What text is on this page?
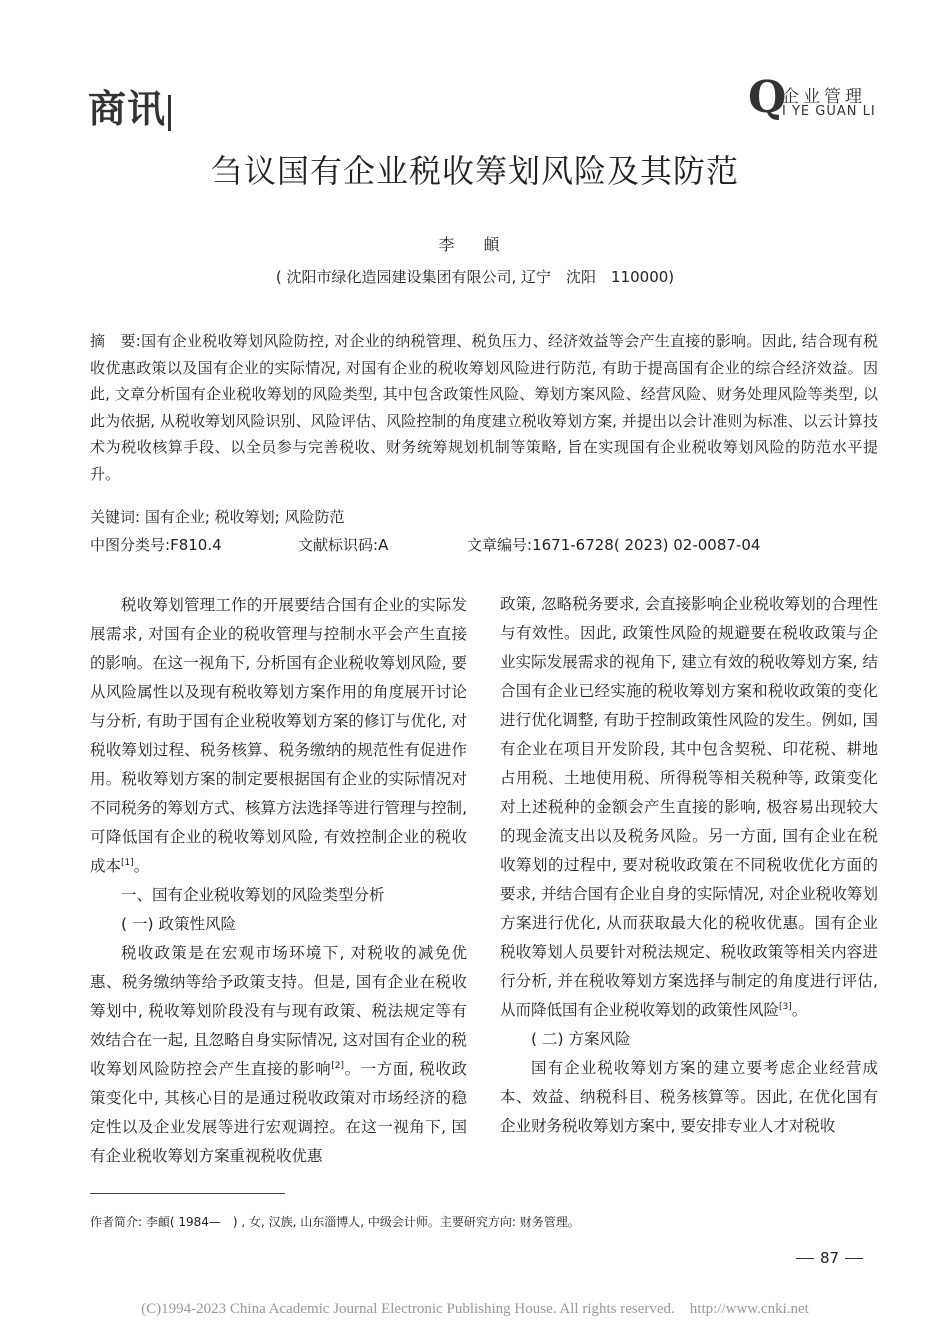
商讯	Q
企业管理
I YE GUAN LI
刍议国有企业税收筹划风险及其防范
李 頔
( 沈阳市绿化造园建设集团有限公司, 辽宁　沈阳　110000)
摘　要:国有企业税收筹划风险防控, 对企业的纳税管理、税负压力、经济效益等会产生直接的影响。因此, 结合现有税收优惠政策以及国有企业的实际情况, 对国有企业的税收筹划风险进行防范, 有助于提高国有企业的综合经济效益。因此, 文章分析国有企业税收筹划的风险类型, 其中包含政策性风险、筹划方案风险、经营风险、财务处理风险等类型, 以此为依据, 从税收筹划风险识别、风险评估、风险控制的角度建立税收筹划方案, 并提出以会计准则为标准、以云计算技术为税收核算手段、以全员参与完善税收、财务统筹规划机制等策略, 旨在实现国有企业税收筹划风险的防范水平提升。
关键词: 国有企业; 税收筹划; 风险防范
中图分类号:F810.4	文献标识码:A	文章编号:1671-6728( 2023) 02-0087-04

税收筹划管理工作的开展要结合国有企业的实际发展需求, 对国有企业的税收管理与控制水平会产生直接的影响。在这一视角下, 分析国有企业税收筹划风险, 要从风险属性以及现有税收筹划方案作用的角度展开讨论与分析, 有助于国有企业税收筹划方案的修订与优化, 对税收筹划过程、税务核算、税务缴纳的规范性有促进作用。税收筹划方案的制定要根据国有企业的实际情况对不同税务的筹划方式、核算方法选择等进行管理与控制, 可降低国有企业的税收筹划风险, 有效控制企业的税收成本[1]。

一、国有企业税收筹划的风险类型分析
( 一) 政策性风险

税收政策是在宏观市场环境下, 对税收的减免优惠、税务缴纳等给予政策支持。但是, 国有企业在税收筹划中, 税收筹划阶段没有与现有政策、税法规定等有效结合在一起, 且忽略自身实际情况, 这对国有企业的税收筹划风险防控会产生直接的影响[2]。一方面, 税收政策变化中, 其核心目的是通过税收政策对市场经济的稳定性以及企业发展等进行宏观调控。在这一视角下, 国有企业税收筹划方案重视税收优惠

政策, 忽略税务要求, 会直接影响企业税收筹划的合理性与有效性。因此, 政策性风险的规避要在税收政策与企业实际发展需求的视角下, 建立有效的税收筹划方案, 结合国有企业已经实施的税收筹划方案和税收政策的变化进行优化调整, 有助于控制政策性风险的发生。例如, 国有企业在项目开发阶段, 其中包含契税、印花税、耕地占用税、土地使用税、所得税等相关税种等, 政策变化对上述税种的金额会产生直接的影响, 极容易出现较大的现金流支出以及税务风险。另一方面, 国有企业在税收筹划的过程中, 要对税收政策在不同税收优化方面的要求, 并结合国有企业自身的实际情况, 对企业税收筹划方案进行优化, 从而获取最大化的税收优惠。国有企业税收筹划人员要针对税法规定、税收政策等相关内容进行分析, 并在税收筹划方案选择与制定的角度进行评估, 从而降低国有企业税收筹划的政策性风险[3]。

( 二) 方案风险

国有企业税收筹划方案的建立要考虑企业经营成本、效益、纳税科目、税务核算等。因此, 在优化国有企业财务税收筹划方案中, 要安排专业人才对税收

作者简介: 李頔( 1984—　) , 女, 汉族, 山东淄博人, 中级会计师。主要研究方向: 财务管理。
87
(C)1994-2023 China Academic Journal Electronic Publishing House. All rights reserved.　http://www.cnki.net
